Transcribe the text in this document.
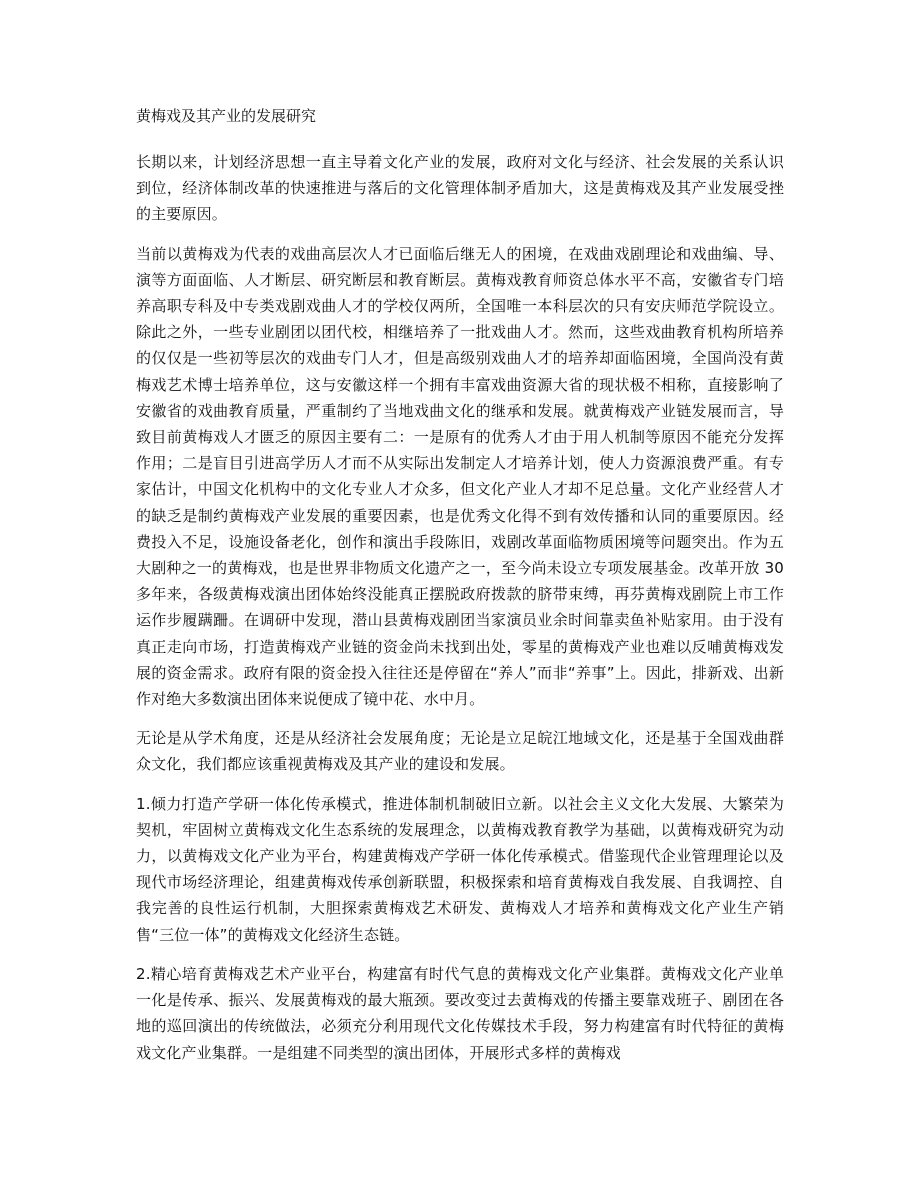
黄梅戏及其产业的发展研究

长期以来，计划经济思想一直主导着文化产业的发展，政府对文化与经济、社会发展的关系认识到位，经济体制改革的快速推进与落后的文化管理体制矛盾加大，这是黄梅戏及其产业发展受挫的主要原因。

当前以黄梅戏为代表的戏曲高层次人才已面临后继无人的困境，在戏曲戏剧理论和戏曲编、导、演等方面面临、人才断层、研究断层和教育断层。黄梅戏教育师资总体水平不高，安徽省专门培养高职专科及中专类戏剧戏曲人才的学校仅两所，全国唯一本科层次的只有安庆师范学院设立。除此之外，一些专业剧团以团代校，相继培养了一批戏曲人才。然而，这些戏曲教育机构所培养的仅仅是一些初等层次的戏曲专门人才，但是高级别戏曲人才的培养却面临困境，全国尚没有黄梅戏艺术博士培养单位，这与安徽这样一个拥有丰富戏曲资源大省的现状极不相称，直接影响了安徽省的戏曲教育质量，严重制约了当地戏曲文化的继承和发展。就黄梅戏产业链发展而言，导致目前黄梅戏人才匮乏的原因主要有二：一是原有的优秀人才由于用人机制等原因不能充分发挥作用；二是盲目引进高学历人才而不从实际出发制定人才培养计划，使人力资源浪费严重。有专家估计，中国文化机构中的文化专业人才众多，但文化产业人才却不足总量。文化产业经营人才的缺乏是制约黄梅戏产业发展的重要因素，也是优秀文化得不到有效传播和认同的重要原因。经费投入不足，设施设备老化，创作和演出手段陈旧，戏剧改革面临物质困境等问题突出。作为五大剧种之一的黄梅戏，也是世界非物质文化遗产之一，至今尚未设立专项发展基金。改革开放 30 多年来，各级黄梅戏演出团体始终没能真正摆脱政府拨款的脐带束缚，再芬黄梅戏剧院上市工作运作步履蹒跚。在调研中发现，潜山县黄梅戏剧团当家演员业余时间靠卖鱼补贴家用。由于没有真正走向市场，打造黄梅戏产业链的资金尚未找到出处，零星的黄梅戏产业也难以反哺黄梅戏发展的资金需求。政府有限的资金投入往往还是停留在“养人”而非“养事”上。因此，排新戏、出新作对绝大多数演出团体来说便成了镜中花、水中月。

无论是从学术角度，还是从经济社会发展角度；无论是立足皖江地域文化，还是基于全国戏曲群众文化，我们都应该重视黄梅戏及其产业的建设和发展。

1.倾力打造产学研一体化传承模式，推进体制机制破旧立新。以社会主义文化大发展、大繁荣为契机，牢固树立黄梅戏文化生态系统的发展理念，以黄梅戏教育教学为基础，以黄梅戏研究为动力，以黄梅戏文化产业为平台，构建黄梅戏产学研一体化传承模式。借鉴现代企业管理理论以及现代市场经济理论，组建黄梅戏传承创新联盟，积极探索和培育黄梅戏自我发展、自我调控、自我完善的良性运行机制，大胆探索黄梅戏艺术研发、黄梅戏人才培养和黄梅戏文化产业生产销售“三位一体”的黄梅戏文化经济生态链。

2.精心培育黄梅戏艺术产业平台，构建富有时代气息的黄梅戏文化产业集群。黄梅戏文化产业单一化是传承、振兴、发展黄梅戏的最大瓶颈。要改变过去黄梅戏的传播主要靠戏班子、剧团在各地的巡回演出的传统做法，必须充分利用现代文化传媒技术手段，努力构建富有时代特征的黄梅戏文化产业集群。一是组建不同类型的演出团体，开展形式多样的黄梅戏
